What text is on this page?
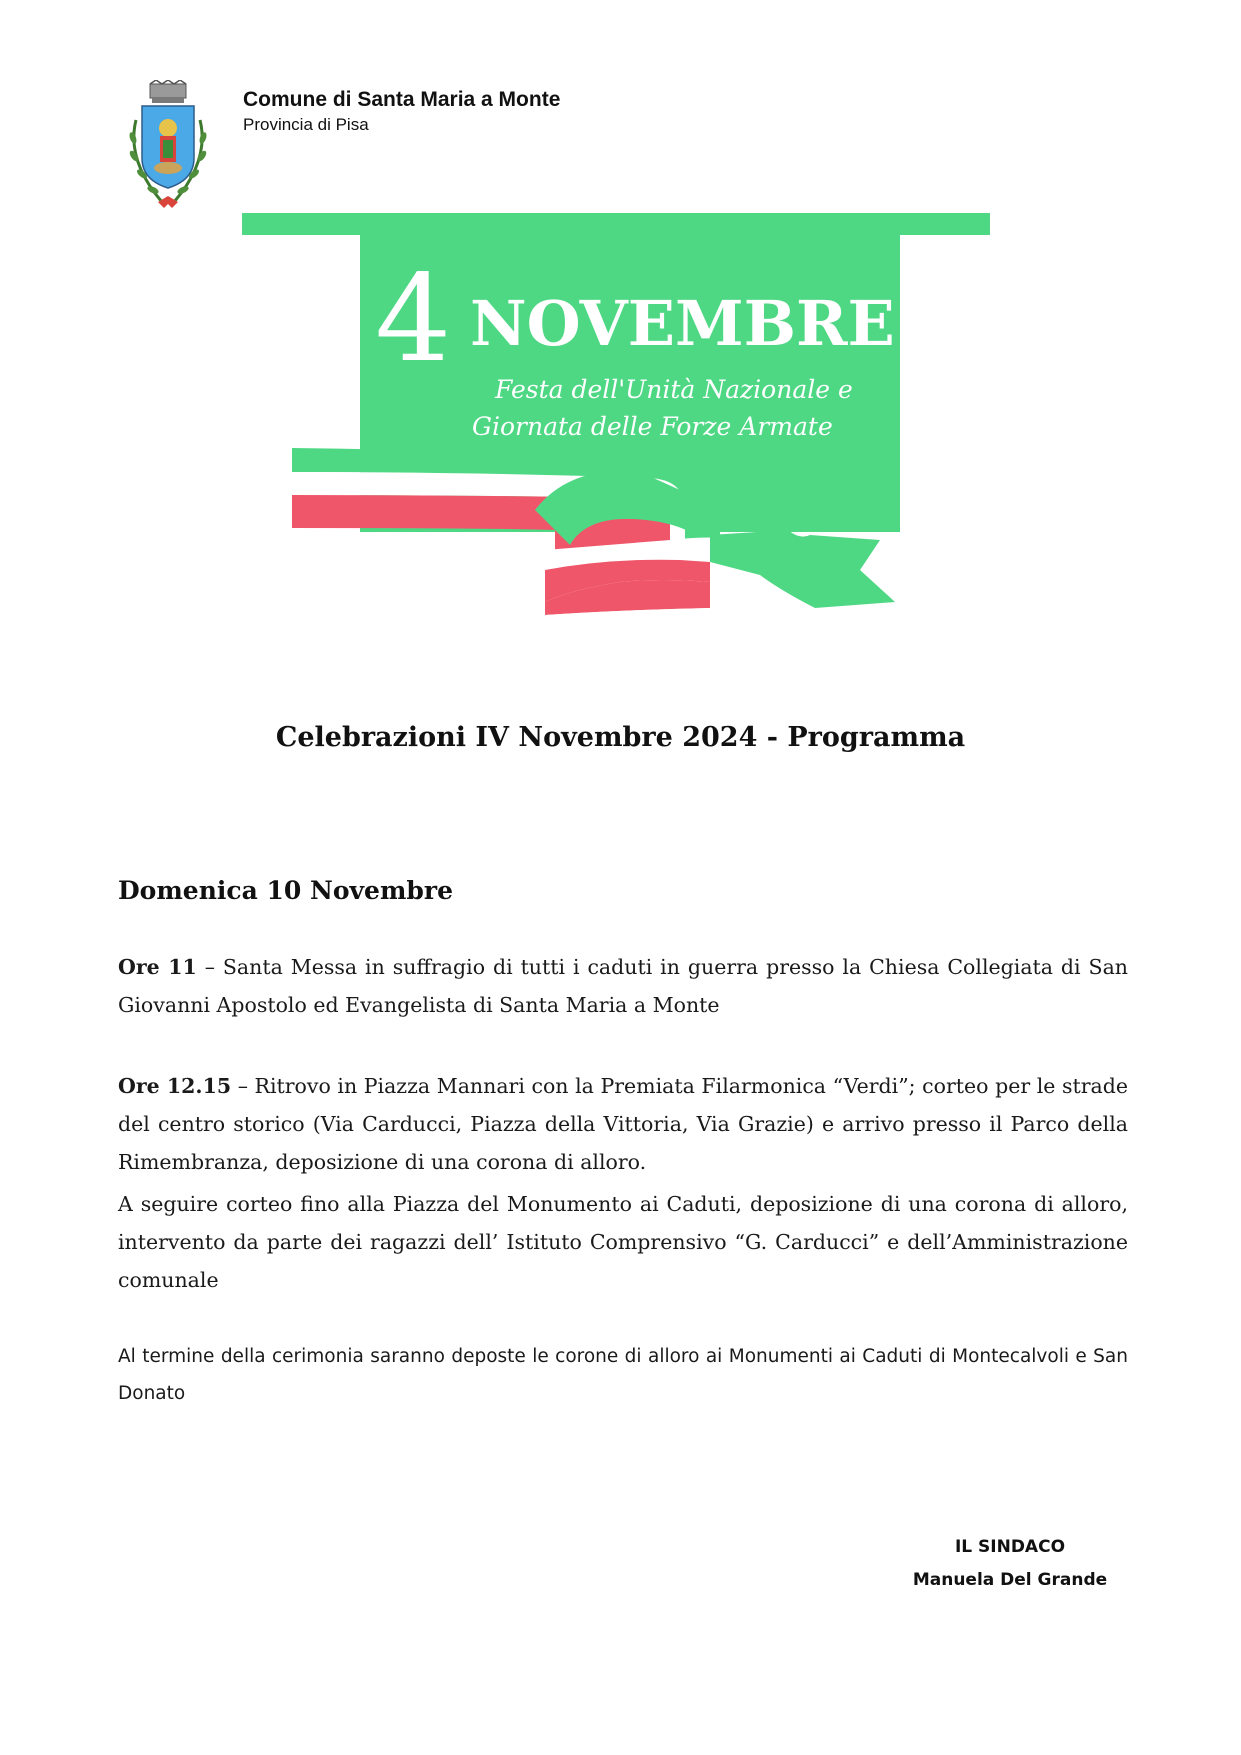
Comune di Santa Maria a Monte
Provincia di Pisa
4 NOVEMBRE
Festa dell'Unità Nazionale e
Giornata delle Forze Armate
Celebrazioni IV Novembre 2024 - Programma
Domenica 10 Novembre
Ore 11 – Santa Messa in suffragio di tutti i caduti in guerra presso la Chiesa Collegiata di San Giovanni Apostolo ed Evangelista di Santa Maria a Monte
Ore 12.15 – Ritrovo in Piazza Mannari con la Premiata Filarmonica “Verdi”; corteo per le strade del centro storico (Via Carducci, Piazza della Vittoria, Via Grazie) e arrivo presso il Parco della Rimembranza, deposizione di una corona di alloro.
A seguire corteo fino alla Piazza del Monumento ai Caduti, deposizione di una corona di alloro, intervento da parte dei ragazzi dell’ Istituto Comprensivo “G. Carducci” e dell’Amministrazione comunale
Al termine della cerimonia saranno deposte le corone di alloro ai Monumenti ai Caduti di Montecalvoli e San Donato
IL SINDACO
Manuela Del Grande
